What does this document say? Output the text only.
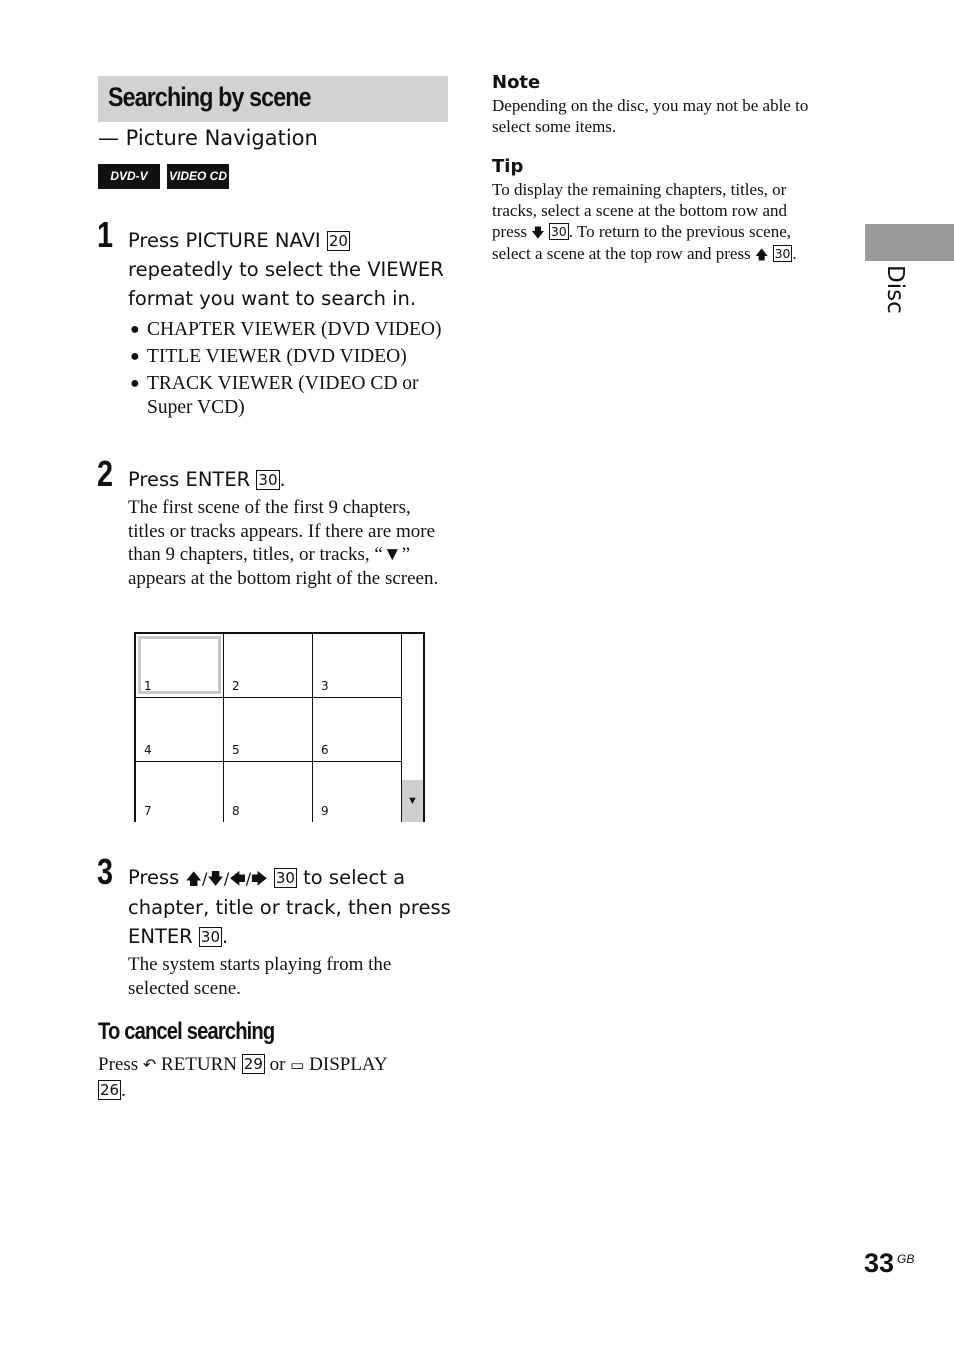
Searching by scene
— Picture Navigation
DVD-V	VIDEO CD
1 Press PICTURE NAVI 20
repeatedly to select the VIEWER
format you want to search in.
● CHAPTER VIEWER (DVD VIDEO)
● TITLE VIEWER (DVD VIDEO)
● TRACK VIEWER (VIDEO CD or Super VCD)
2 Press ENTER 30 .
The first scene of the first 9 chapters, titles or tracks appears. If there are more than 9 chapters, titles, or tracks, “▼” appears at the bottom right of the screen.
1	2	3
4	5	6
7	8	9
▼
3 Press 🡅/🡇/🡄/🡆 30 to select a
chapter, title or track, then press
ENTER 30 .
The system starts playing from the selected scene.
To cancel searching
Press ↶ RETURN 29 or ▭ DISPLAY
26 .
Note
Depending on the disc, you may not be able to select some items.
Tip
To display the remaining chapters, titles, or tracks, select a scene at the bottom row and press 🡇 30 . To return to the previous scene, select a scene at the top row and press 🡅 30 .
Disc
33 GB
